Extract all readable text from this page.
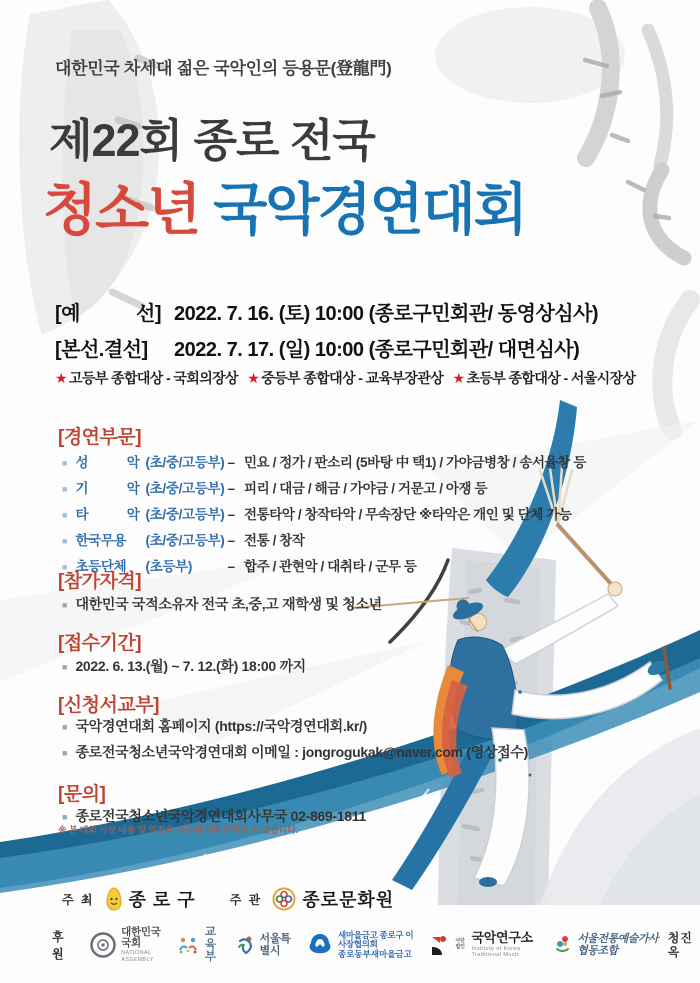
대한민국 차세대 젊은 국악인의 등용문(登龍門)
제22회 종로 전국
청소년 국악경연대회
[예 선] 2022. 7. 16. (토) 10:00 (종로구민회관/ 동영상심사)
[본선.결선] 2022. 7. 17. (일) 10:00 (종로구민회관/ 대면심사)
★ 고등부 종합대상 - 국회의장상 ★ 중등부 종합대상 - 교육부장관상 ★ 초등부 종합대상 - 서울시장상
[경연부문]
■ 성 악 (초/중/고등부) – 민요 / 정가 / 판소리 (5바탕 中 택1) / 가야금병창 / 송서율창 등
■ 기 악 (초/중/고등부) – 피리 / 대금 / 해금 / 가야금 / 거문고 / 아쟁 등
■ 타 악 (초/중/고등부) – 전통타악 / 창작타악 / 무속장단 ※타악은 개인 및 단체 가능
■ 한국무용	(초/중/고등부) – 전통 / 창작
■ 초등단체	(초등부)	– 합주 / 관현악 / 대취타 / 군무 등
[참가자격]
■ 대한민국 국적소유자 전국 초,중,고 재학생 및 청소년
[접수기간]
■ 2022. 6. 13.(월) ~ 7. 12.(화) 18:00 까지
[신청서교부]
■ 국악경연대회 홈페이지 (https://국악경연대회.kr/)
■ 종로전국청소년국악경연대회 이메일 : jongrogukak@naver.com (영상접수)
[문의]
■ 종로전국청소년국악경연대회사무국 02-869-1811
※ 본 대회 시상 내용 및 일정은 사정에 따라 변경될 수 있습니다.
주 최 종 로 구	주 관 종로문화원
후 원
대한민국 국회
NATIONAL ASSEMBLY
교육부
서울특별시
새마을금고 종로구 이사장협의회
종로동부새마을금고
사단 법인
국악연구소
Institute of Korea Traditional Music
서울전통예술가사협동조합
청진옥
